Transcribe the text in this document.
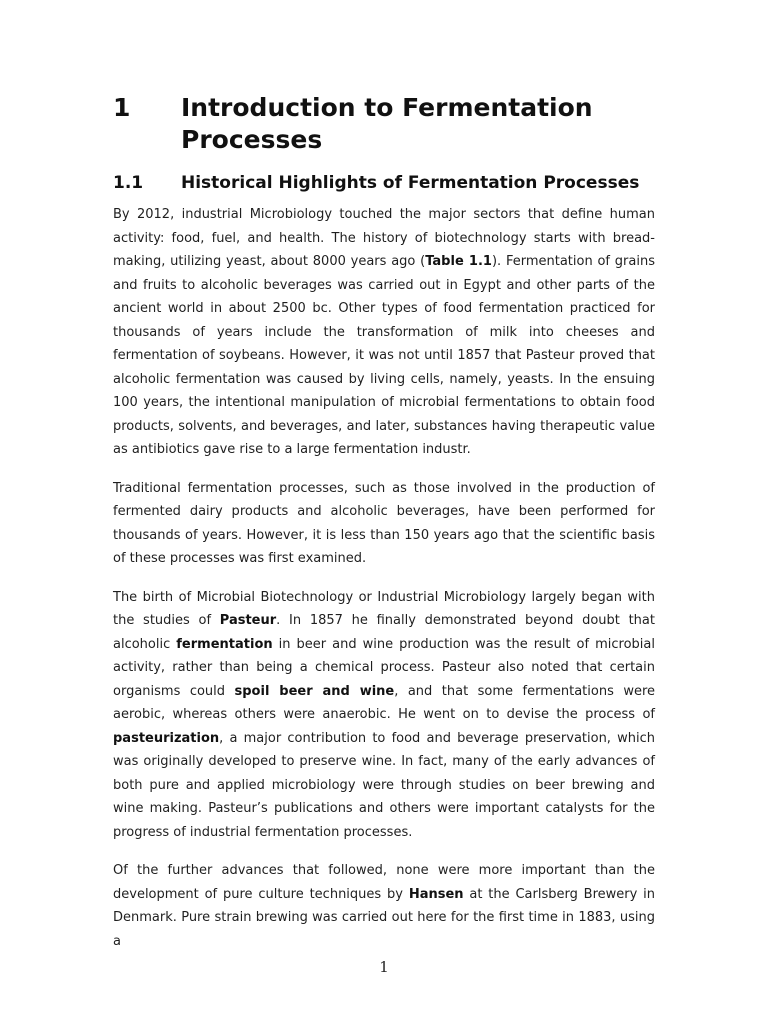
1 Introduction to Fermentation Processes
1.1 Historical Highlights of Fermentation Processes

By 2012, industrial Microbiology touched the major sectors that define human activity: food, fuel, and health. The history of biotechnology starts with bread-making, utilizing yeast, about 8000 years ago (Table 1.1). Fermentation of grains and fruits to alcoholic beverages was carried out in Egypt and other parts of the ancient world in about 2500 bc. Other types of food fermentation practiced for thousands of years include the transformation of milk into cheeses and fermentation of soybeans. However, it was not until 1857 that Pasteur proved that alcoholic fermentation was caused by living cells, namely, yeasts. In the ensuing 100 years, the intentional manipulation of microbial fermentations to obtain food products, solvents, and beverages, and later, substances having therapeutic value as antibiotics gave rise to a large fermentation industr.

Traditional fermentation processes, such as those involved in the production of fermented dairy products and alcoholic beverages, have been performed for thousands of years. However, it is less than 150 years ago that the scientific basis of these processes was first examined.

The birth of Microbial Biotechnology or Industrial Microbiology largely began with the studies of Pasteur. In 1857 he finally demonstrated beyond doubt that alcoholic fermentation in beer and wine production was the result of microbial activity, rather than being a chemical process. Pasteur also noted that certain organisms could spoil beer and wine, and that some fermentations were aerobic, whereas others were anaerobic. He went on to devise the process of pasteurization, a major contribution to food and beverage preservation, which was originally developed to preserve wine. In fact, many of the early advances of both pure and applied microbiology were through studies on beer brewing and wine making. Pasteur’s publications and others were important catalysts for the progress of industrial fermentation processes.

Of the further advances that followed, none were more important than the development of pure culture techniques by Hansen at the Carlsberg Brewery in Denmark. Pure strain brewing was carried out here for the first time in 1883, using a

1
